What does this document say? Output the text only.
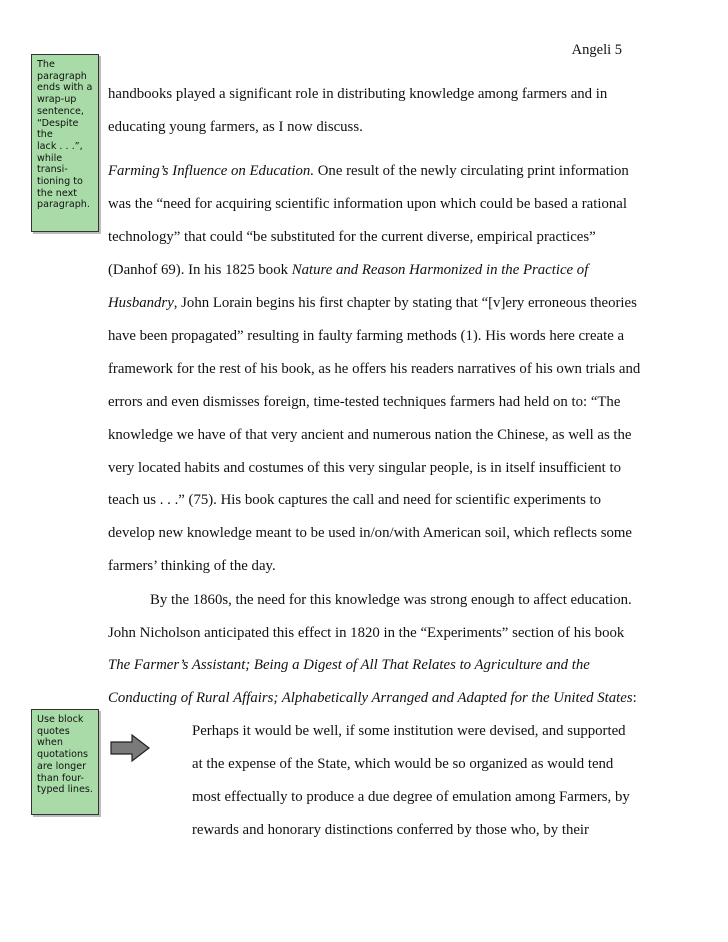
Angeli 5
The
paragraph
ends with a
wrap-up
sentence,
“Despite
the
lack . . .”,
while
transi-
tioning to
the next
paragraph.
Use block
quotes
when
quotations
are longer
than four-
typed lines.
handbooks played a significant role in distributing knowledge among farmers and in
educating young farmers, as I now discuss.
Farming’s Influence on Education. One result of the newly circulating print information
was the “need for acquiring scientific information upon which could be based a rational
technology” that could “be substituted for the current diverse, empirical practices”
(Danhof 69). In his 1825 book Nature and Reason Harmonized in the Practice of
Husbandry, John Lorain begins his first chapter by stating that “[v]ery erroneous theories
have been propagated” resulting in faulty farming methods (1). His words here create a
framework for the rest of his book, as he offers his readers narratives of his own trials and
errors and even dismisses foreign, time-tested techniques farmers had held on to: “The
knowledge we have of that very ancient and numerous nation the Chinese, as well as the
very located habits and costumes of this very singular people, is in itself insufficient to
teach us . . .” (75). His book captures the call and need for scientific experiments to
develop new knowledge meant to be used in/on/with American soil, which reflects some
farmers’ thinking of the day.
By the 1860s, the need for this knowledge was strong enough to affect education.
John Nicholson anticipated this effect in 1820 in the “Experiments” section of his book
The Farmer’s Assistant; Being a Digest of All That Relates to Agriculture and the
Conducting of Rural Affairs; Alphabetically Arranged and Adapted for the United States:
Perhaps it would be well, if some institution were devised, and supported
at the expense of the State, which would be so organized as would tend
most effectually to produce a due degree of emulation among Farmers, by
rewards and honorary distinctions conferred by those who, by their
